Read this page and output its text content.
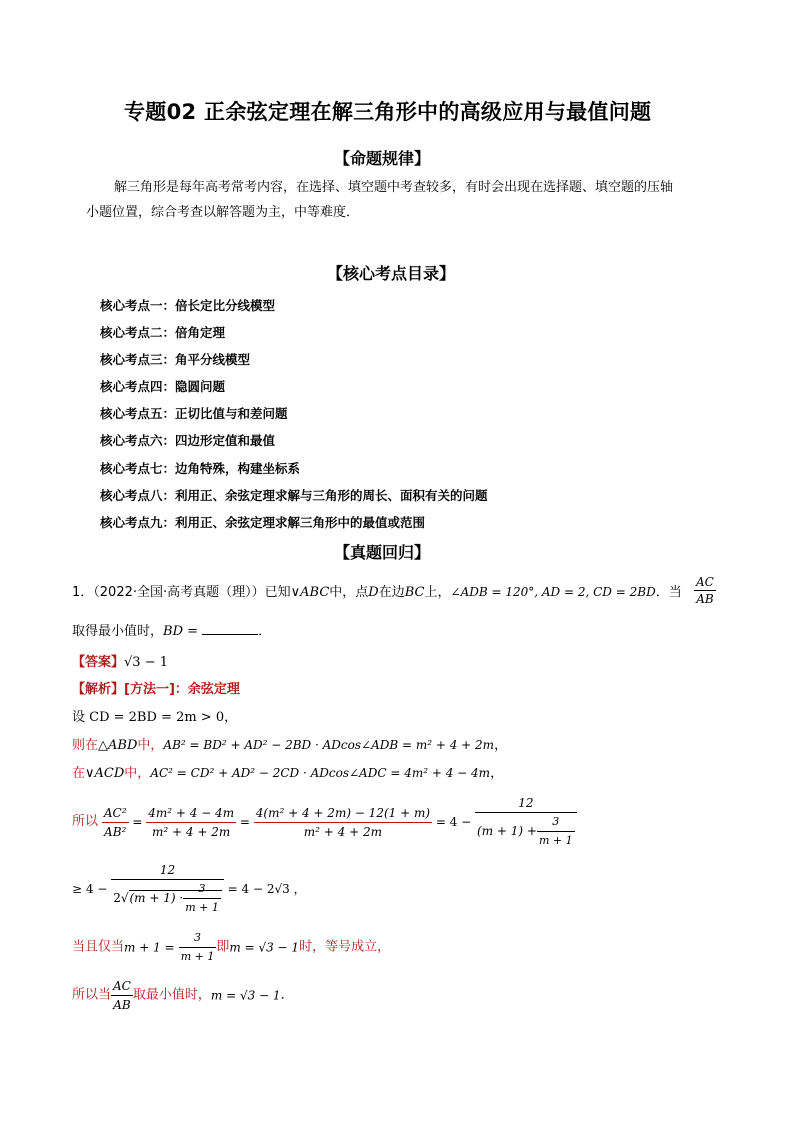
专题02 正余弦定理在解三角形中的高级应用与最值问题
【命题规律】
解三角形是每年高考常考内容，在选择、填空题中考查较多，有时会出现在选择题、填空题的压轴
小题位置，综合考查以解答题为主，中等难度．
【核心考点目录】
核心考点一：倍长定比分线模型
核心考点二：倍角定理
核心考点三：角平分线模型
核心考点四：隐圆问题
核心考点五：正切比值与和差问题
核心考点六：四边形定值和最值
核心考点七：边角特殊，构建坐标系
核心考点八：利用正、余弦定理求解与三角形的周长、面积有关的问题
核心考点九：利用正、余弦定理求解三角形中的最值或范围
【真题回归】
1．（2022·全国·高考真题（理））已知∨ABC中，点D在边BC上，∠ADB = 120°, AD = 2, CD = 2BD．当 $\frac{AC}{AB}$
取得最小值时，BD =	．
【答案】√3 − 1
【解析】[方法一]：余弦定理
设 CD = 2BD = 2m > 0，
则在△ABD中，AB² = BD² + AD² − 2BD · ADcos∠ADB = m² + 4 + 2m，
在∨ACD中，AC² = CD² + AD² − 2CD · ADcos∠ADC = 4m² + 4 − 4m，
所以 $\frac{\text{AC²}}{\text{AB²}} = \frac{\text{4m² + 4 − 4m}}{\text{m² + 4 + 2m}} = \frac{\text{4(m² + 4 + 2m) − 12(1 + m)}}{\text{m² + 4 + 2m}} = 4 - \frac{12}{(m + 1) + \frac{3}{m + 1}}$
≥ $4 - \frac{12}{2√(m + 1) \cdot \frac{3}{m + 1}} = 4 - 2√3$ ，
当且仅当$m + 1 = \frac{3}{m + 1}$ 即m = √3 − 1时，等号成立，
所以当 $\frac{AC}{AB}$ 取最小值时，m = √3 − 1．
